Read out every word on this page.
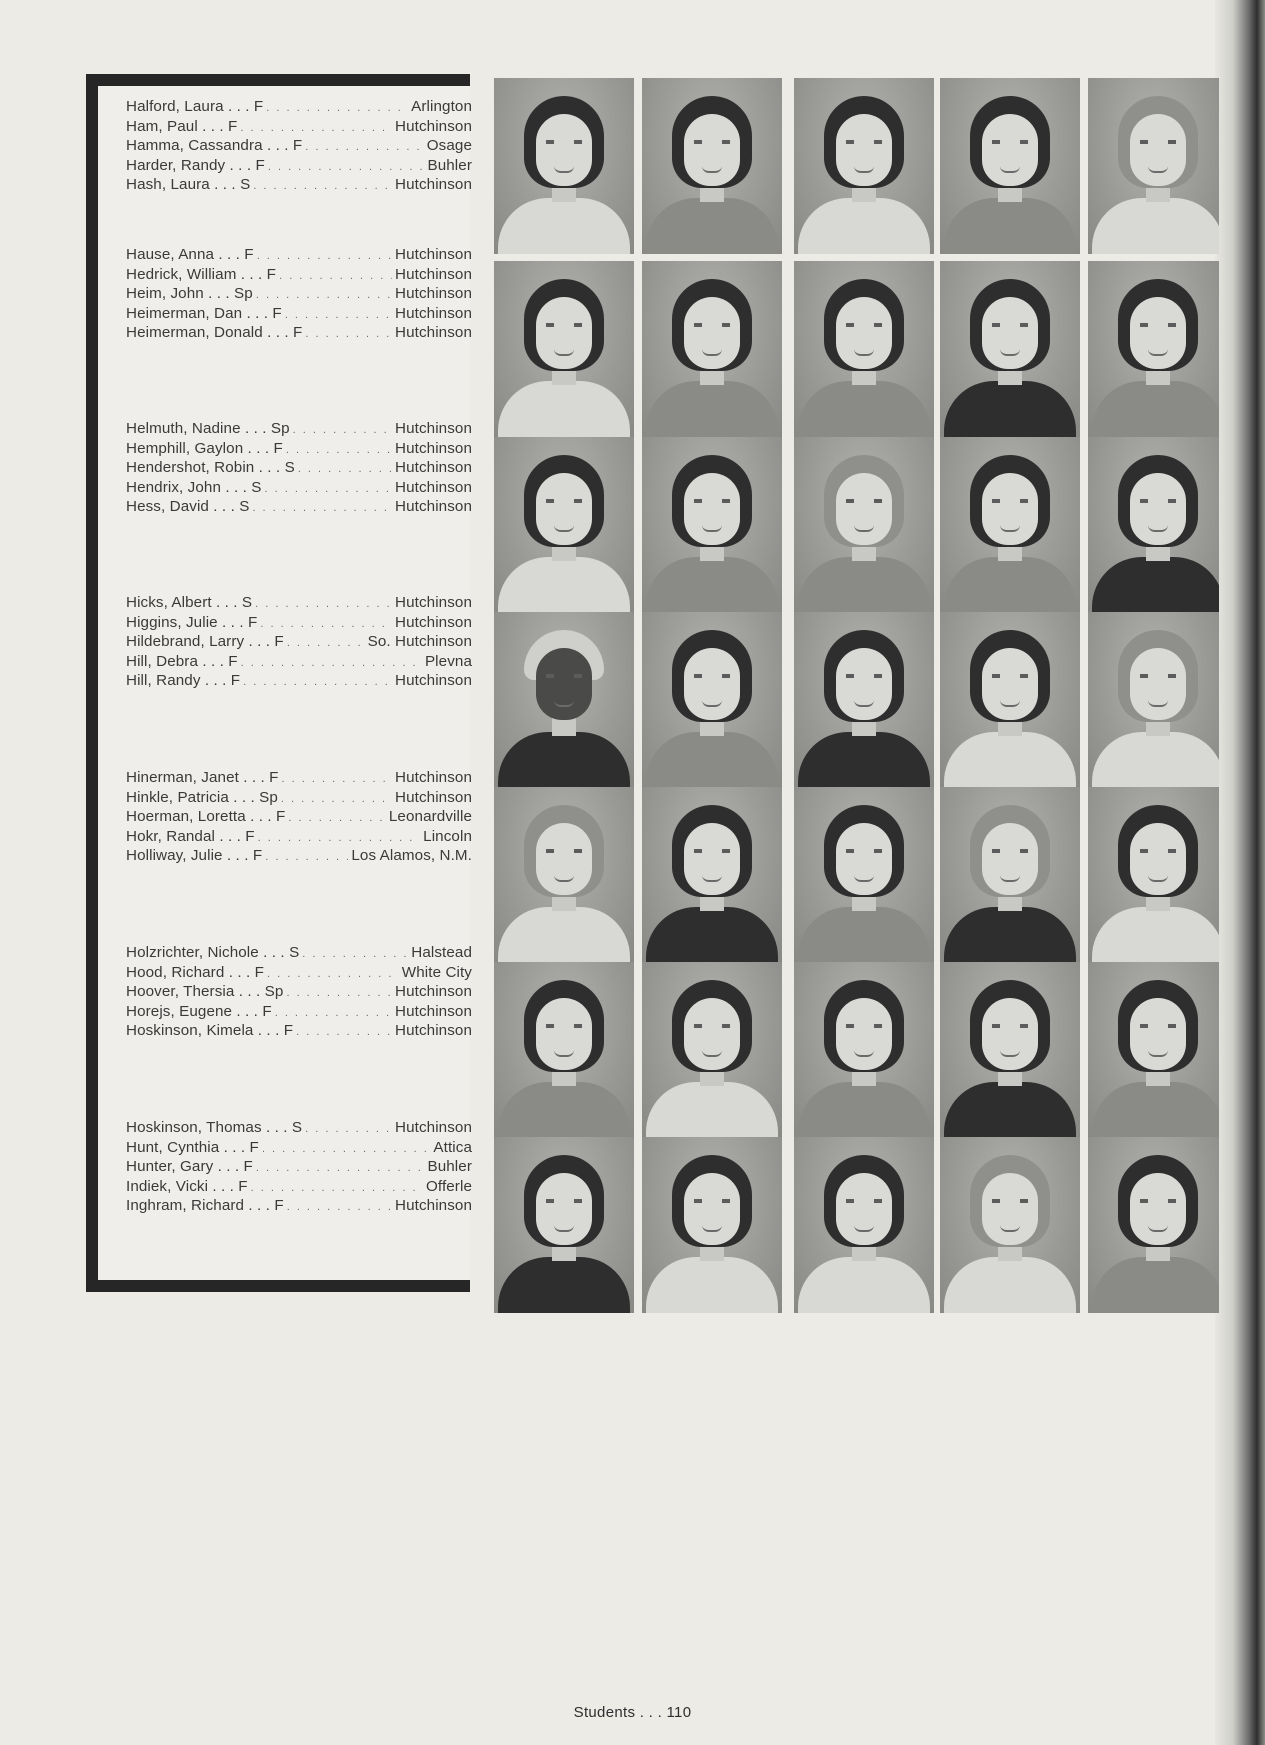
Halford, Laura . . . F . . .	Arlington
Ham, Paul . . . F . . .	Hutchinson
Hamma, Cassandra . . . F . . .	Osage
Harder, Randy . . . F . . .	Buhler
Hash, Laura . . . S . . .	Hutchinson
Hause, Anna . . . F . . .	Hutchinson
Hedrick, William . . . F . . .	Hutchinson
Heim, John . . . Sp . . .	Hutchinson
Heimerman, Dan . . . F . . .	Hutchinson
Heimerman, Donald . . . F . . .	Hutchinson
Helmuth, Nadine . . . Sp . . .	Hutchinson
Hemphill, Gaylon . . . F . . .	Hutchinson
Hendershot, Robin . . . S . . .	Hutchinson
Hendrix, John . . . S . . .	Hutchinson
Hess, David . . . S . . .	Hutchinson
Hicks, Albert . . . S . . .	Hutchinson
Higgins, Julie . . . F . . .	Hutchinson
Hildebrand, Larry . . . F . . .	So. Hutchinson
Hill, Debra . . . F . . .	Plevna
Hill, Randy . . . F . . .	Hutchinson
Hinerman, Janet . . . F . . .	Hutchinson
Hinkle, Patricia . . . Sp . . .	Hutchinson
Hoerman, Loretta . . . F . . .	Leonardville
Hokr, Randal . . . F . . .	Lincoln
Holliway, Julie . . . F . . .	Los Alamos, N.M.
Holzrichter, Nichole . . . S . . .	Halstead
Hood, Richard . . . F . . .	White City
Hoover, Thersia . . . Sp . . .	Hutchinson
Horejs, Eugene . . . F . . .	Hutchinson
Hoskinson, Kimela . . . F . . .	Hutchinson
Hoskinson, Thomas . . . S . . .	Hutchinson
Hunt, Cynthia . . . F . . .	Attica
Hunter, Gary . . . F . . .	Buhler
Indiek, Vicki . . . F . . .	Offerle
Inghram, Richard . . . F . . .	Hutchinson
Students . . . 110
